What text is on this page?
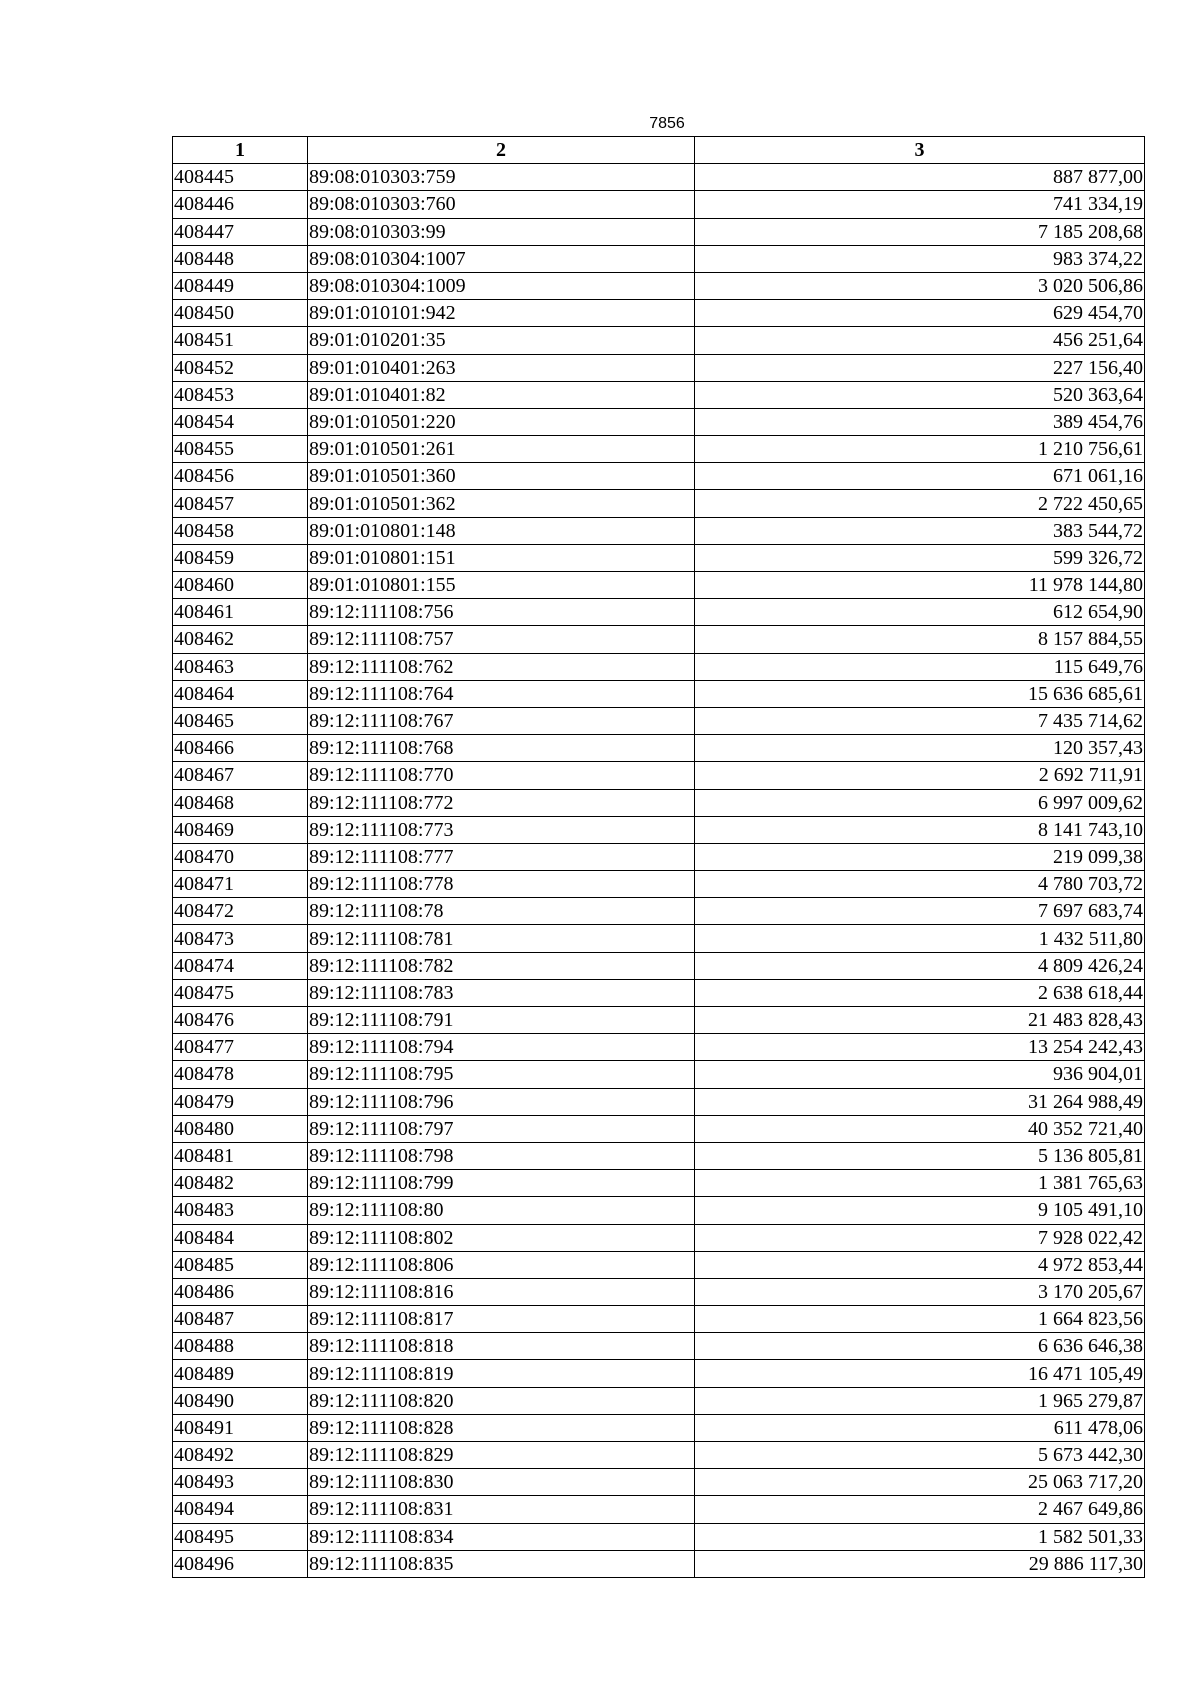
7856
1	2	3
408445	89:08:010303:759	887 877,00
408446	89:08:010303:760	741 334,19
408447	89:08:010303:99	7 185 208,68
408448	89:08:010304:1007	983 374,22
408449	89:08:010304:1009	3 020 506,86
408450	89:01:010101:942	629 454,70
408451	89:01:010201:35	456 251,64
408452	89:01:010401:263	227 156,40
408453	89:01:010401:82	520 363,64
408454	89:01:010501:220	389 454,76
408455	89:01:010501:261	1 210 756,61
408456	89:01:010501:360	671 061,16
408457	89:01:010501:362	2 722 450,65
408458	89:01:010801:148	383 544,72
408459	89:01:010801:151	599 326,72
408460	89:01:010801:155	11 978 144,80
408461	89:12:111108:756	612 654,90
408462	89:12:111108:757	8 157 884,55
408463	89:12:111108:762	115 649,76
408464	89:12:111108:764	15 636 685,61
408465	89:12:111108:767	7 435 714,62
408466	89:12:111108:768	120 357,43
408467	89:12:111108:770	2 692 711,91
408468	89:12:111108:772	6 997 009,62
408469	89:12:111108:773	8 141 743,10
408470	89:12:111108:777	219 099,38
408471	89:12:111108:778	4 780 703,72
408472	89:12:111108:78	7 697 683,74
408473	89:12:111108:781	1 432 511,80
408474	89:12:111108:782	4 809 426,24
408475	89:12:111108:783	2 638 618,44
408476	89:12:111108:791	21 483 828,43
408477	89:12:111108:794	13 254 242,43
408478	89:12:111108:795	936 904,01
408479	89:12:111108:796	31 264 988,49
408480	89:12:111108:797	40 352 721,40
408481	89:12:111108:798	5 136 805,81
408482	89:12:111108:799	1 381 765,63
408483	89:12:111108:80	9 105 491,10
408484	89:12:111108:802	7 928 022,42
408485	89:12:111108:806	4 972 853,44
408486	89:12:111108:816	3 170 205,67
408487	89:12:111108:817	1 664 823,56
408488	89:12:111108:818	6 636 646,38
408489	89:12:111108:819	16 471 105,49
408490	89:12:111108:820	1 965 279,87
408491	89:12:111108:828	611 478,06
408492	89:12:111108:829	5 673 442,30
408493	89:12:111108:830	25 063 717,20
408494	89:12:111108:831	2 467 649,86
408495	89:12:111108:834	1 582 501,33
408496	89:12:111108:835	29 886 117,30
